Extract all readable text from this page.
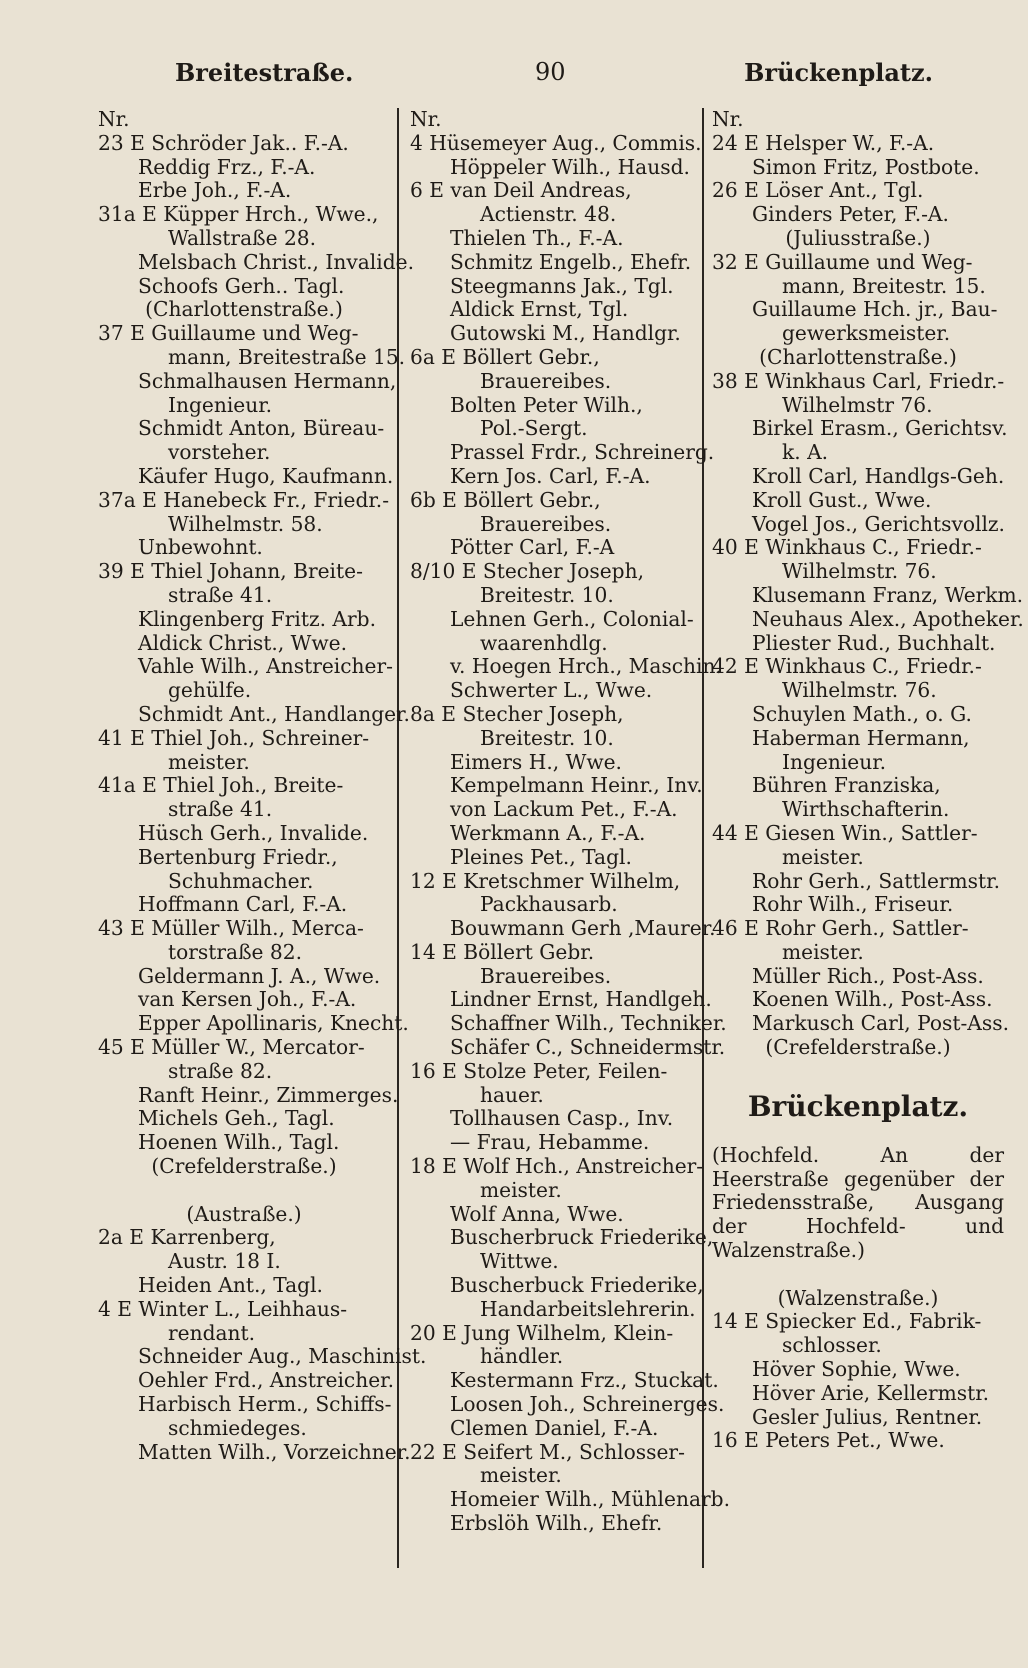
Breitestraße.	90	Brückenplatz.
Nr.
23 E Schröder Jak.. F.-A.
Reddig Frz., F.-A.
Erbe Joh., F.-A.
31a E Küpper Hrch., Wwe.,
Wallstraße 28.
Melsbach Christ., Invalide.
Schoofs Gerh.. Tagl.
(Charlottenstraße.)
37 E Guillaume und Weg-
mann, Breitestraße 15.
Schmalhausen Hermann,
Ingenieur.
Schmidt Anton, Büreau-
vorsteher.
Käufer Hugo, Kaufmann.
37a E Hanebeck Fr., Friedr.-
Wilhelmstr. 58.
Unbewohnt.
39 E Thiel Johann, Breite-
straße 41.
Klingenberg Fritz. Arb.
Aldick Christ., Wwe.
Vahle Wilh., Anstreicher-
gehülfe.
Schmidt Ant., Handlanger.
41 E Thiel Joh., Schreiner-
meister.
41a E Thiel Joh., Breite-
straße 41.
Hüsch Gerh., Invalide.
Bertenburg Friedr.,
Schuhmacher.
Hoffmann Carl, F.-A.
43 E Müller Wilh., Merca-
torstraße 82.
Geldermann J. A., Wwe.
van Kersen Joh., F.-A.
Epper Apollinaris, Knecht.
45 E Müller W., Mercator-
straße 82.
Ranft Heinr., Zimmerges.
Michels Geh., Tagl.
Hoenen Wilh., Tagl.
(Crefelderstraße.)

(Austraße.)
2a E Karrenberg,
Austr. 18 I.
Heiden Ant., Tagl.
4 E Winter L., Leihhaus-
rendant.
Schneider Aug., Maschinist.
Oehler Frd., Anstreicher.
Harbisch Herm., Schiffs-
schmiedeges.
Matten Wilh., Vorzeichner.
Nr.
4 Hüsemeyer Aug., Commis.
Höppeler Wilh., Hausd.
6 E van Deil Andreas,
Actienstr. 48.
Thielen Th., F.-A.
Schmitz Engelb., Ehefr.
Steegmanns Jak., Tgl.
Aldick Ernst, Tgl.
Gutowski M., Handlgr.
6a E Böllert Gebr.,
Brauereibes.
Bolten Peter Wilh.,
Pol.-Sergt.
Prassel Frdr., Schreinerg.
Kern Jos. Carl, F.-A.
6b E Böllert Gebr.,
Brauereibes.
Pötter Carl, F.-A
8/10 E Stecher Joseph,
Breitestr. 10.
Lehnen Gerh., Colonial-
waarenhdlg.
v. Hoegen Hrch., Maschin.
Schwerter L., Wwe.
8a E Stecher Joseph,
Breitestr. 10.
Eimers H., Wwe.
Kempelmann Heinr., Inv.
von Lackum Pet., F.-A.
Werkmann A., F.-A.
Pleines Pet., Tagl.
12 E Kretschmer Wilhelm,
Packhausarb.
Bouwmann Gerh ,Maurer.
14 E Böllert Gebr.
Brauereibes.
Lindner Ernst, Handlgeh.
Schaffner Wilh., Techniker.
Schäfer C., Schneidermstr.
16 E Stolze Peter, Feilen-
hauer.
Tollhausen Casp., Inv.
— Frau, Hebamme.
18 E Wolf Hch., Anstreicher-
meister.
Wolf Anna, Wwe.
Buscherbruck Friederike,
Wittwe.
Buscherbuck Friederike,
Handarbeitslehrerin.
20 E Jung Wilhelm, Klein-
händler.
Kestermann Frz., Stuckat.
Loosen Joh., Schreinerges.
Clemen Daniel, F.-A.
22 E Seifert M., Schlosser-
meister.
Homeier Wilh., Mühlenarb.
Erbslöh Wilh., Ehefr.
Nr.
24 E Helsper W., F.-A.
Simon Fritz, Postbote.
26 E Löser Ant., Tgl.
Ginders Peter, F.-A.
(Juliusstraße.)
32 E Guillaume und Weg-
mann, Breitestr. 15.
Guillaume Hch. jr., Bau-
gewerksmeister.
(Charlottenstraße.)
38 E Winkhaus Carl, Friedr.-
Wilhelmstr 76.
Birkel Erasm., Gerichtsv.
k. A.
Kroll Carl, Handlgs-Geh.
Kroll Gust., Wwe.
Vogel Jos., Gerichtsvollz.
40 E Winkhaus C., Friedr.-
Wilhelmstr. 76.
Klusemann Franz, Werkm.
Neuhaus Alex., Apotheker.
Pliester Rud., Buchhalt.
42 E Winkhaus C., Friedr.-
Wilhelmstr. 76.
Schuylen Math., o. G.
Haberman Hermann,
Ingenieur.
Bühren Franziska,
Wirthschafterin.
44 E Giesen Win., Sattler-
meister.
Rohr Gerh., Sattlermstr.
Rohr Wilh., Friseur.
46 E Rohr Gerh., Sattler-
meister.
Müller Rich., Post-Ass.
Koenen Wilh., Post-Ass.
Markusch Carl, Post-Ass.
(Crefelderstraße.)
Brückenplatz.
(Hochfeld. An der Heerstraße gegenüber der Friedensstraße, Ausgang der Hochfeld- und Walzenstraße.)

(Walzenstraße.)
14 E Spiecker Ed., Fabrik-
schlosser.
Höver Sophie, Wwe.
Höver Arie, Kellermstr.
Gesler Julius, Rentner.
16 E Peters Pet., Wwe.
